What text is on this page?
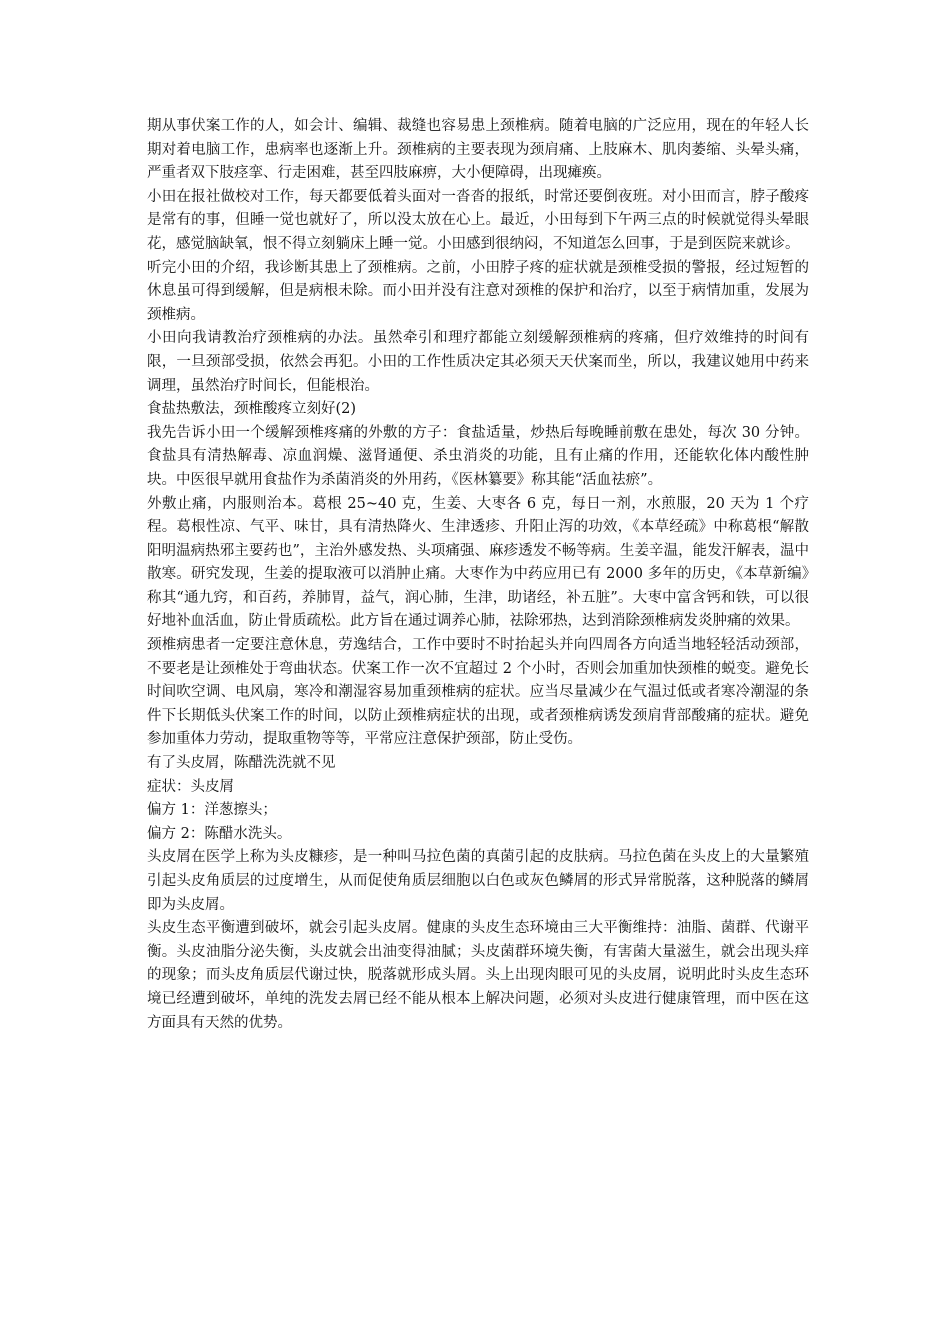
期从事伏案工作的人，如会计、编辑、裁缝也容易患上颈椎病。随着电脑的广泛应用，现在的年轻人长期对着电脑工作，患病率也逐渐上升。颈椎病的主要表现为颈肩痛、上肢麻木、肌肉萎缩、头晕头痛，严重者双下肢痉挛、行走困难，甚至四肢麻痹，大小便障碍，出现瘫痪。

小田在报社做校对工作，每天都要低着头面对一沓沓的报纸，时常还要倒夜班。对小田而言，脖子酸疼是常有的事，但睡一觉也就好了，所以没太放在心上。最近，小田每到下午两三点的时候就觉得头晕眼花，感觉脑缺氧，恨不得立刻躺床上睡一觉。小田感到很纳闷，不知道怎么回事，于是到医院来就诊。

听完小田的介绍，我诊断其患上了颈椎病。之前，小田脖子疼的症状就是颈椎受损的警报，经过短暂的休息虽可得到缓解，但是病根未除。而小田并没有注意对颈椎的保护和治疗，以至于病情加重，发展为颈椎病。

小田向我请教治疗颈椎病的办法。虽然牵引和理疗都能立刻缓解颈椎病的疼痛，但疗效维持的时间有限，一旦颈部受损，依然会再犯。小田的工作性质决定其必须天天伏案而坐，所以，我建议她用中药来调理，虽然治疗时间长，但能根治。

食盐热敷法，颈椎酸疼立刻好(2)

我先告诉小田一个缓解颈椎疼痛的外敷的方子：食盐适量，炒热后每晚睡前敷在患处，每次 30 分钟。食盐具有清热解毒、凉血润燥、滋肾通便、杀虫消炎的功能，且有止痛的作用，还能软化体内酸性肿块。中医很早就用食盐作为杀菌消炎的外用药，《医林纂要》称其能“活血祛瘀”。

外敷止痛，内服则治本。葛根 25~40 克，生姜、大枣各 6 克，每日一剂，水煎服，20 天为 1 个疗程。葛根性凉、气平、味甘，具有清热降火、生津透疹、升阳止泻的功效，《本草经疏》中称葛根“解散阳明温病热邪主要药也”，主治外感发热、头项痛强、麻疹透发不畅等病。生姜辛温，能发汗解表，温中散寒。研究发现，生姜的提取液可以消肿止痛。大枣作为中药应用已有 2000 多年的历史，《本草新编》称其“通九窍，和百药，养肺胃，益气，润心肺，生津，助诸经，补五脏”。大枣中富含钙和铁，可以很好地补血活血，防止骨质疏松。此方旨在通过调养心肺，祛除邪热，达到消除颈椎病发炎肿痛的效果。

颈椎病患者一定要注意休息，劳逸结合，工作中要时不时抬起头并向四周各方向适当地轻轻活动颈部，不要老是让颈椎处于弯曲状态。伏案工作一次不宜超过 2 个小时，否则会加重加快颈椎的蜕变。避免长时间吹空调、电风扇，寒冷和潮湿容易加重颈椎病的症状。应当尽量减少在气温过低或者寒冷潮湿的条件下长期低头伏案工作的时间，以防止颈椎病症状的出现，或者颈椎病诱发颈肩背部酸痛的症状。避免参加重体力劳动，提取重物等等，平常应注意保护颈部，防止受伤。

有了头皮屑，陈醋洗洗就不见

症状：头皮屑

偏方 1：洋葱擦头；

偏方 2：陈醋水洗头。

头皮屑在医学上称为头皮糠疹，是一种叫马拉色菌的真菌引起的皮肤病。马拉色菌在头皮上的大量繁殖引起头皮角质层的过度增生，从而促使角质层细胞以白色或灰色鳞屑的形式异常脱落，这种脱落的鳞屑即为头皮屑。

头皮生态平衡遭到破坏，就会引起头皮屑。健康的头皮生态环境由三大平衡维持：油脂、菌群、代谢平衡。头皮油脂分泌失衡，头皮就会出油变得油腻；头皮菌群环境失衡，有害菌大量滋生，就会出现头痒的现象；而头皮角质层代谢过快，脱落就形成头屑。头上出现肉眼可见的头皮屑，说明此时头皮生态环境已经遭到破坏，单纯的洗发去屑已经不能从根本上解决问题，必须对头皮进行健康管理，而中医在这方面具有天然的优势。
